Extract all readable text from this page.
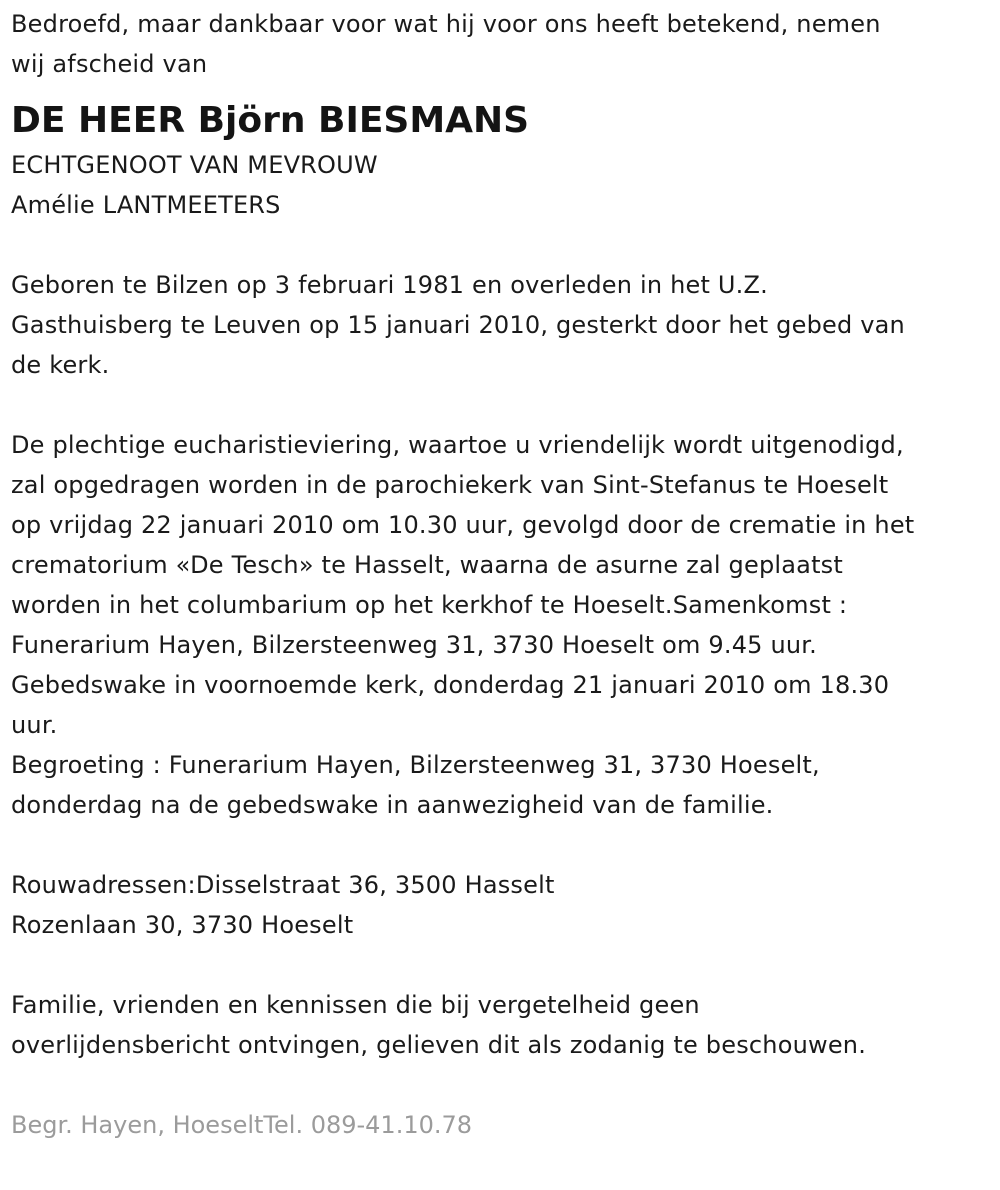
Bedroefd, maar dankbaar voor wat hij voor ons heeft betekend, nemen
wij afscheid van
DE HEER Björn BIESMANS
ECHTGENOOT VAN MEVROUW
Amélie LANTMEETERS
Geboren te Bilzen op 3 februari 1981 en overleden in het U.Z.
Gasthuisberg te Leuven op 15 januari 2010, gesterkt door het gebed van
de kerk.
De plechtige eucharistieviering, waartoe u vriendelijk wordt uitgenodigd,
zal opgedragen worden in de parochiekerk van Sint-Stefanus te Hoeselt
op vrijdag 22 januari 2010 om 10.30 uur, gevolgd door de crematie in het
crematorium «De Tesch» te Hasselt, waarna de asurne zal geplaatst
worden in het columbarium op het kerkhof te Hoeselt.Samenkomst :
Funerarium Hayen, Bilzersteenweg 31, 3730 Hoeselt om 9.45 uur.
Gebedswake in voornoemde kerk, donderdag 21 januari 2010 om 18.30
uur.
Begroeting : Funerarium Hayen, Bilzersteenweg 31, 3730 Hoeselt,
donderdag na de gebedswake in aanwezigheid van de familie.
Rouwadressen:Disselstraat 36, 3500 Hasselt
Rozenlaan 30, 3730 Hoeselt
Familie, vrienden en kennissen die bij vergetelheid geen
overlijdensbericht ontvingen, gelieven dit als zodanig te beschouwen.
Begr. Hayen, HoeseltTel. 089-41.10.78
